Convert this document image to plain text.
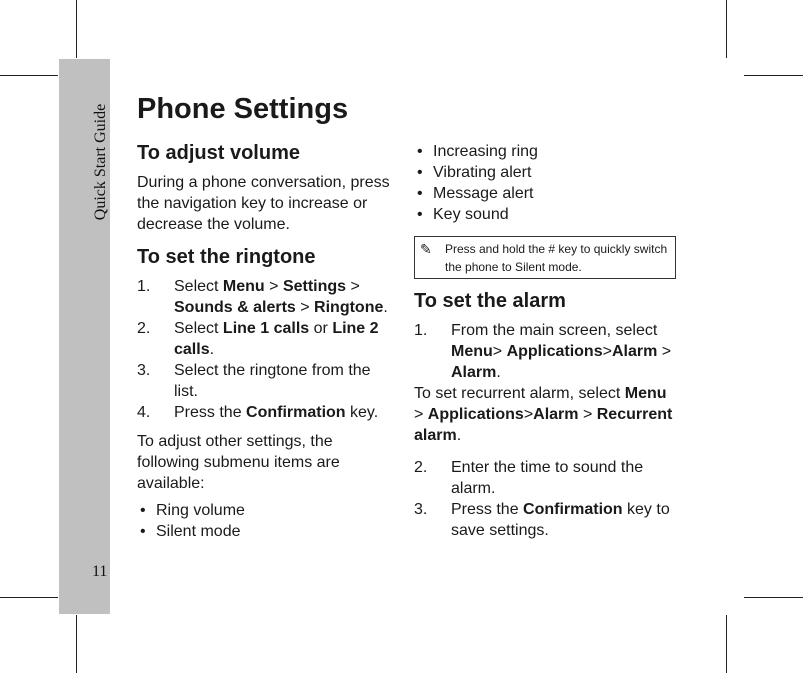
Quick Start Guide
11
Phone Settings
To adjust volume

During a phone conversation, press the navigation key to increase or decrease the volume.

To set the ringtone
1. Select Menu > Settings > Sounds & alerts > Ringtone.
2. Select Line 1 calls or Line 2 calls.
3. Select the ringtone from the list.
4. Press the Confirmation key.

To adjust other settings, the following submenu items are available:

• Ring volume
• Silent mode
• Increasing ring
• Vibrating alert
• Message alert
• Key sound
✎	Press and hold the # key to quickly switch the phone to Silent mode.
To set the alarm
1. From the main screen, select Menu> Applications>Alarm > Alarm.

To set recurrent alarm, select Menu > Applications>Alarm > Recurrent alarm.

2. Enter the time to sound the alarm.
3. Press the Confirmation key to save settings.
